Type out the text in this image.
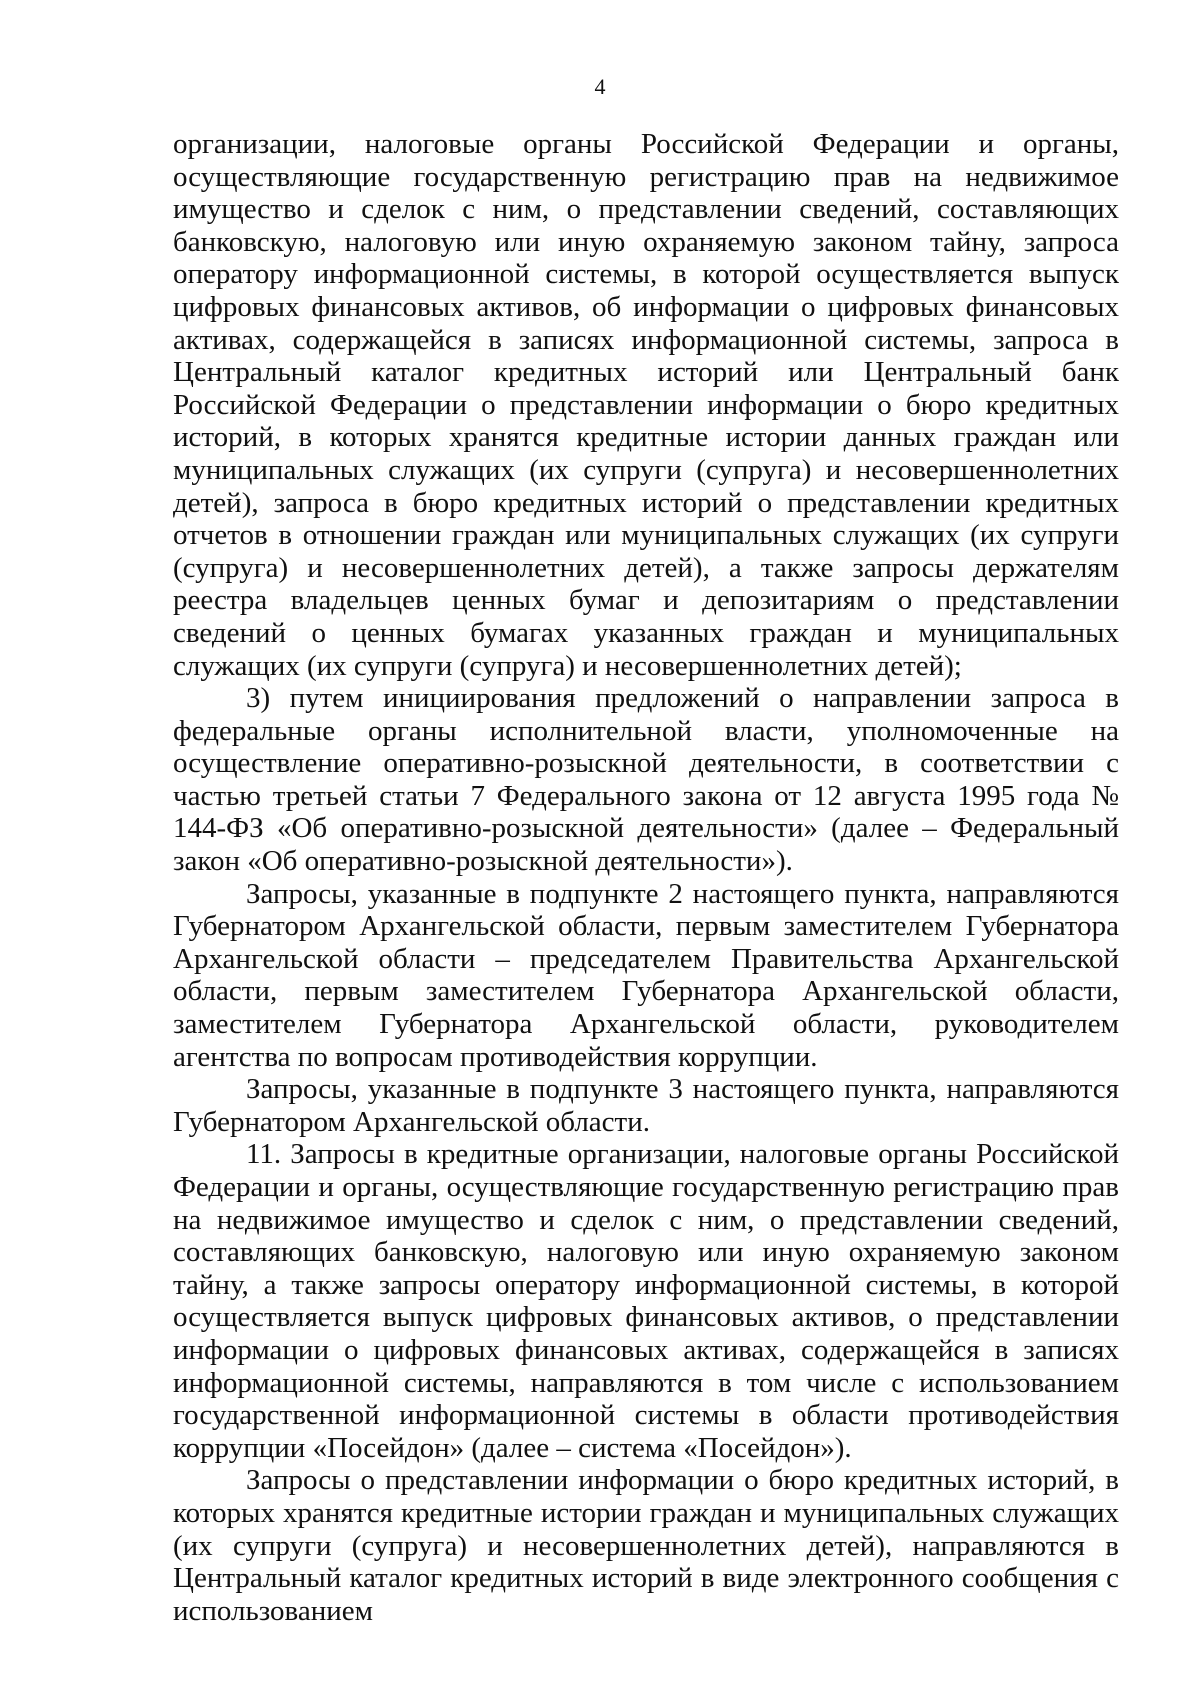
4

организации, налоговые органы Российской Федерации и органы, осуществляющие государственную регистрацию прав на недвижимое имущество и сделок с ним, о представлении сведений, составляющих банковскую, налоговую или иную охраняемую законом тайну, запроса оператору информационной системы, в которой осуществляется выпуск цифровых финансовых активов, об информации о цифровых финансовых активах, содержащейся в записях информационной системы, запроса в Центральный каталог кредитных историй или Центральный банк Российской Федерации о представлении информации о бюро кредитных историй, в которых хранятся кредитные истории данных граждан или муниципальных служащих (их супруги (супруга) и несовершеннолетних детей), запроса в бюро кредитных историй о представлении кредитных отчетов в отношении граждан или муниципальных служащих (их супруги (супруга) и несовершеннолетних детей), а также запросы держателям реестра владельцев ценных бумаг и депозитариям о представлении сведений о ценных бумагах указанных граждан и муниципальных служащих (их супруги (супруга) и несовершеннолетних детей);

3) путем инициирования предложений о направлении запроса в федеральные органы исполнительной власти, уполномоченные на осуществление оперативно-розыскной деятельности, в соответствии с частью третьей статьи 7 Федерального закона от 12 августа 1995 года № 144-ФЗ «Об оперативно-розыскной деятельности» (далее – Федеральный закон «Об оперативно-розыскной деятельности»).

Запросы, указанные в подпункте 2 настоящего пункта, направляются Губернатором Архангельской области, первым заместителем Губернатора Архангельской области – председателем Правительства Архангельской области, первым заместителем Губернатора Архангельской области, заместителем Губернатора Архангельской области, руководителем агентства по вопросам противодействия коррупции.

Запросы, указанные в подпункте 3 настоящего пункта, направляются Губернатором Архангельской области.

11. Запросы в кредитные организации, налоговые органы Российской Федерации и органы, осуществляющие государственную регистрацию прав на недвижимое имущество и сделок с ним, о представлении сведений, составляющих банковскую, налоговую или иную охраняемую законом тайну, а также запросы оператору информационной системы, в которой осуществляется выпуск цифровых финансовых активов, о представлении информации о цифровых финансовых активах, содержащейся в записях информационной системы, направляются в том числе с использованием государственной информационной системы в области противодействия коррупции «Посейдон» (далее – система «Посейдон»).

Запросы о представлении информации о бюро кредитных историй, в которых хранятся кредитные истории граждан и муниципальных служащих (их супруги (супруга) и несовершеннолетних детей), направляются в Центральный каталог кредитных историй в виде электронного сообщения с использованием
